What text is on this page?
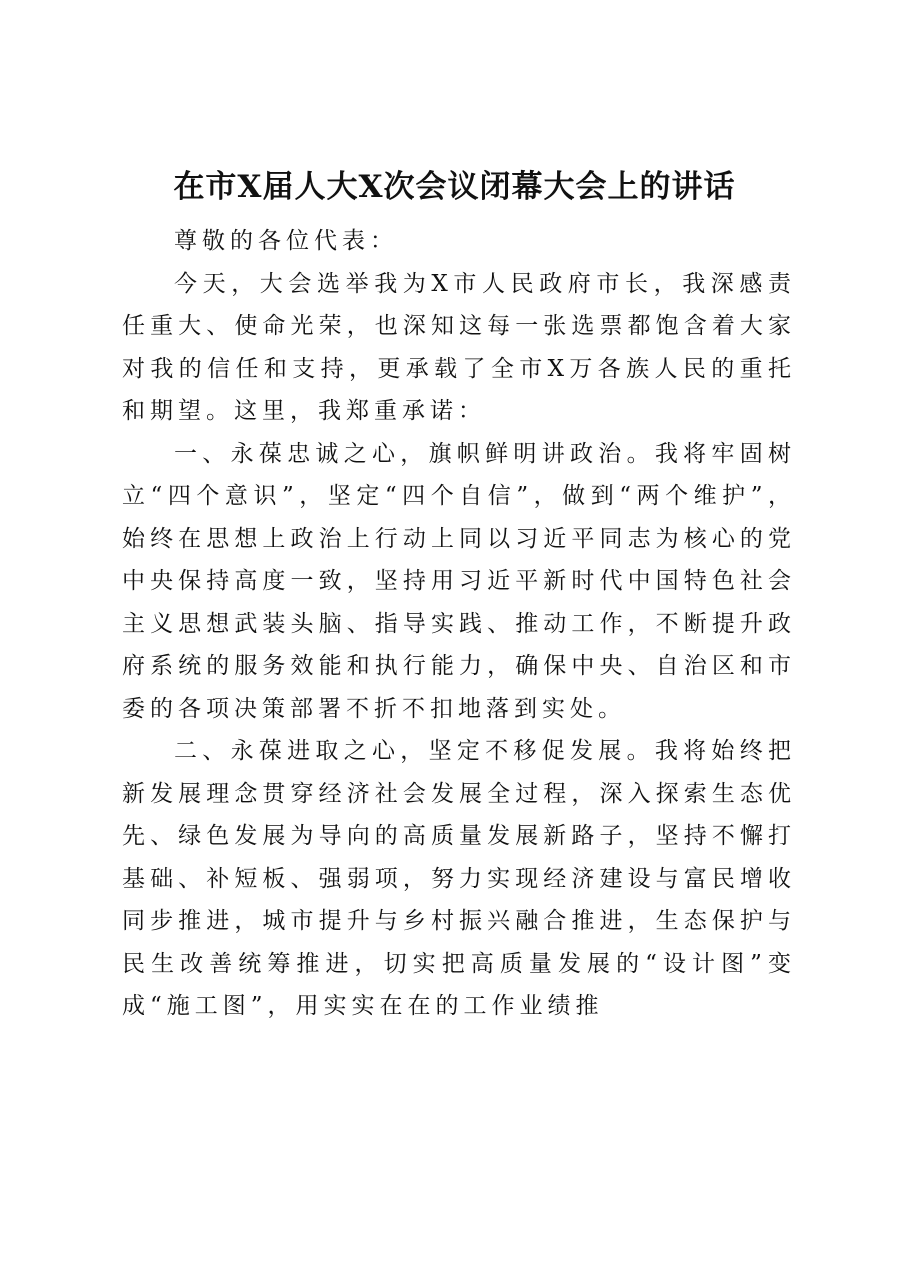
在市X届人大X次会议闭幕大会上的讲话

尊敬的各位代表：

今天，大会选举我为X市人民政府市长，我深感责任重大、使命光荣，也深知这每一张选票都饱含着大家对我的信任和支持，更承载了全市X万各族人民的重托和期望。这里，我郑重承诺：

一、永葆忠诚之心，旗帜鲜明讲政治。我将牢固树立“四个意识”，坚定“四个自信”，做到“两个维护”，始终在思想上政治上行动上同以习近平同志为核心的党中央保持高度一致，坚持用习近平新时代中国特色社会主义思想武装头脑、指导实践、推动工作，不断提升政府系统的服务效能和执行能力，确保中央、自治区和市委的各项决策部署不折不扣地落到实处。

二、永葆进取之心，坚定不移促发展。我将始终把新发展理念贯穿经济社会发展全过程，深入探索生态优先、绿色发展为导向的高质量发展新路子，坚持不懈打基础、补短板、强弱项，努力实现经济建设与富民增收同步推进，城市提升与乡村振兴融合推进，生态保护与民生改善统筹推进，切实把高质量发展的“设计图”变成“施工图”，用实实在在的工作业绩推
